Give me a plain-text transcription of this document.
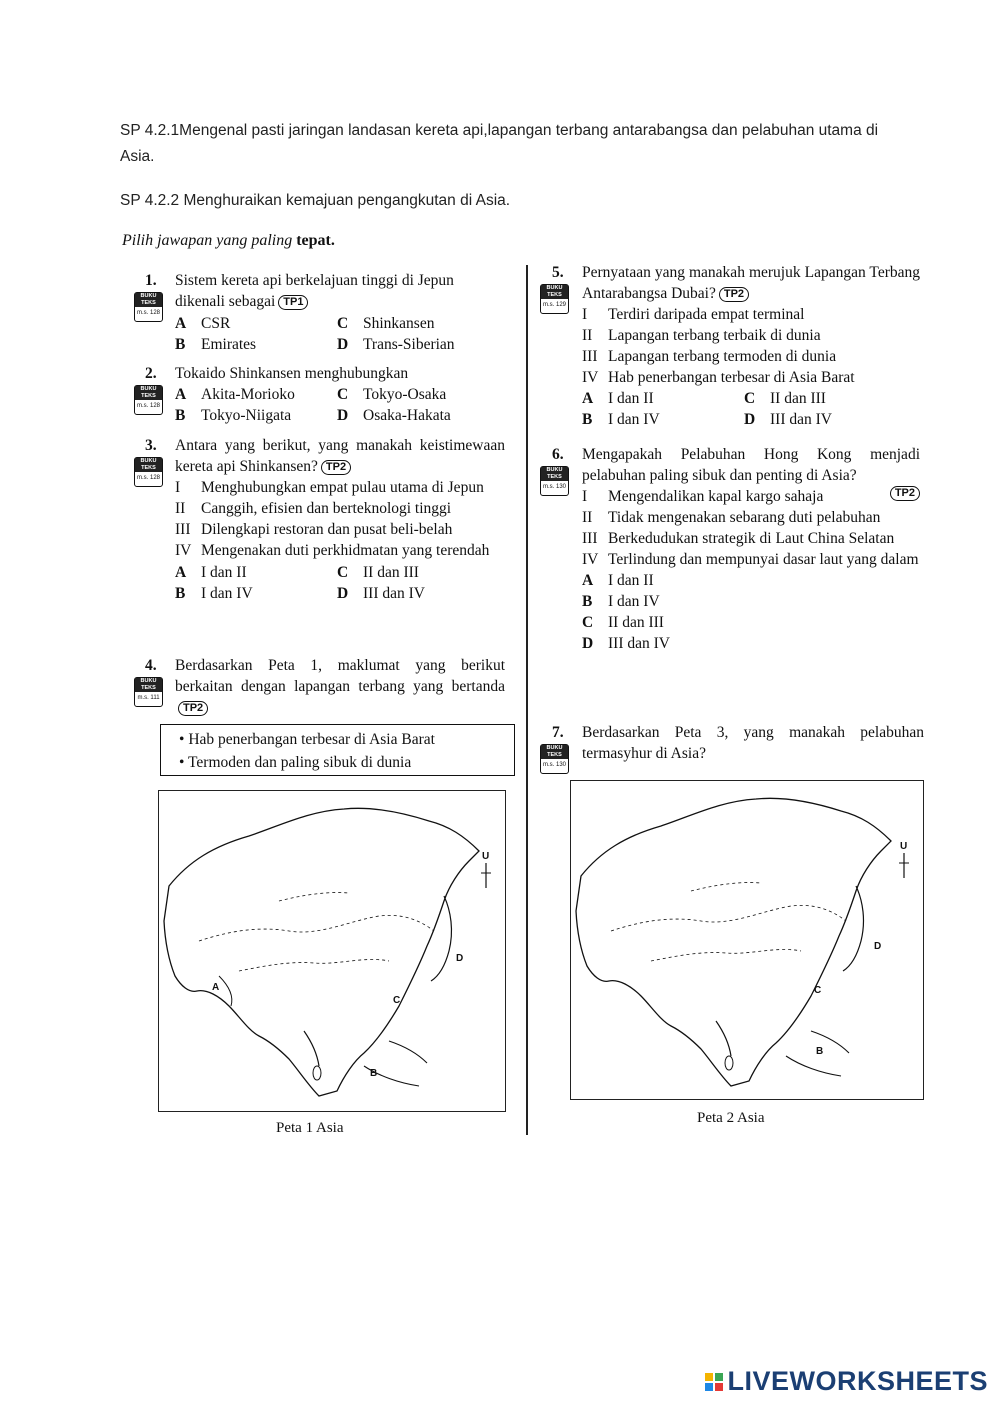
SP 4.2.1Mengenal pasti jaringan landasan kereta api,lapangan terbang antarabangsa dan pelabuhan utama di Asia.
SP 4.2.2 Menghuraikan kemajuan pengangkutan di Asia.
Pilih jawapan yang paling tepat.
BUKU TEKS
m.s. 128
1.	Sistem kereta api berkelajuan tinggi di Jepun dikenali sebagai TP1
A CSR	C Shinkansen
B	Emirates	D Trans-Siberian
BUKU TEKS
m.s. 128
2.	Tokaido Shinkansen menghubungkan
A Akita-Morioko	C Tokyo-Osaka
B	Tokyo-Niigata	D Osaka-Hakata
BUKU TEKS
m.s. 128
3.	Antara yang berikut, yang manakah keistimewaan kereta api Shinkansen? TP2
I	Menghubungkan empat pulau utama di Jepun
II	Canggih, efisien dan berteknologi tinggi
III Dilengkapi restoran dan pusat beli-belah
IV Mengenakan duti perkhidmatan yang terendah
A I dan II	C II dan III
B	I dan IV	D III dan IV
BUKU TEKS
m.s. 111
4.	Berdasarkan Peta 1, maklumat yang berikut berkaitan dengan lapangan terbang yang bertandaTP2
• Hab penerbangan terbesar di Asia Barat
• Termoden dan paling sibuk di dunia
U
A
B
C
D
Peta 1 Asia
BUKU TEKS
m.s. 129
5.	Pernyataan yang manakah merujuk Lapangan Terbang Antarabangsa Dubai? TP2
I	Terdiri daripada empat terminal
II	Lapangan terbang terbaik di dunia
III Lapangan terbang termoden di dunia
IV Hab penerbangan terbesar di Asia Barat
A I dan II	C II dan III
B	I dan IV	D III dan IV
BUKU TEKS
m.s. 130
6.	Mengapakah Pelabuhan Hong Kong menjadi pelabuhan paling sibuk dan penting di Asia?
I	Mengendalikan kapal kargo sahaja	TP2
II	Tidak mengenakan sebarang duti pelabuhan
III Berkedudukan strategik di Laut China Selatan
IV Terlindung dan mempunyai dasar laut yang dalam
A I dan II
B	I dan IV
C II dan III
D III dan IV
BUKU TEKS
m.s. 130
7.	Berdasarkan Peta 3, yang manakah pelabuhan termasyhur di Asia?
U
B
C
D
Peta 2 Asia
LIVEWORKSHEETS
